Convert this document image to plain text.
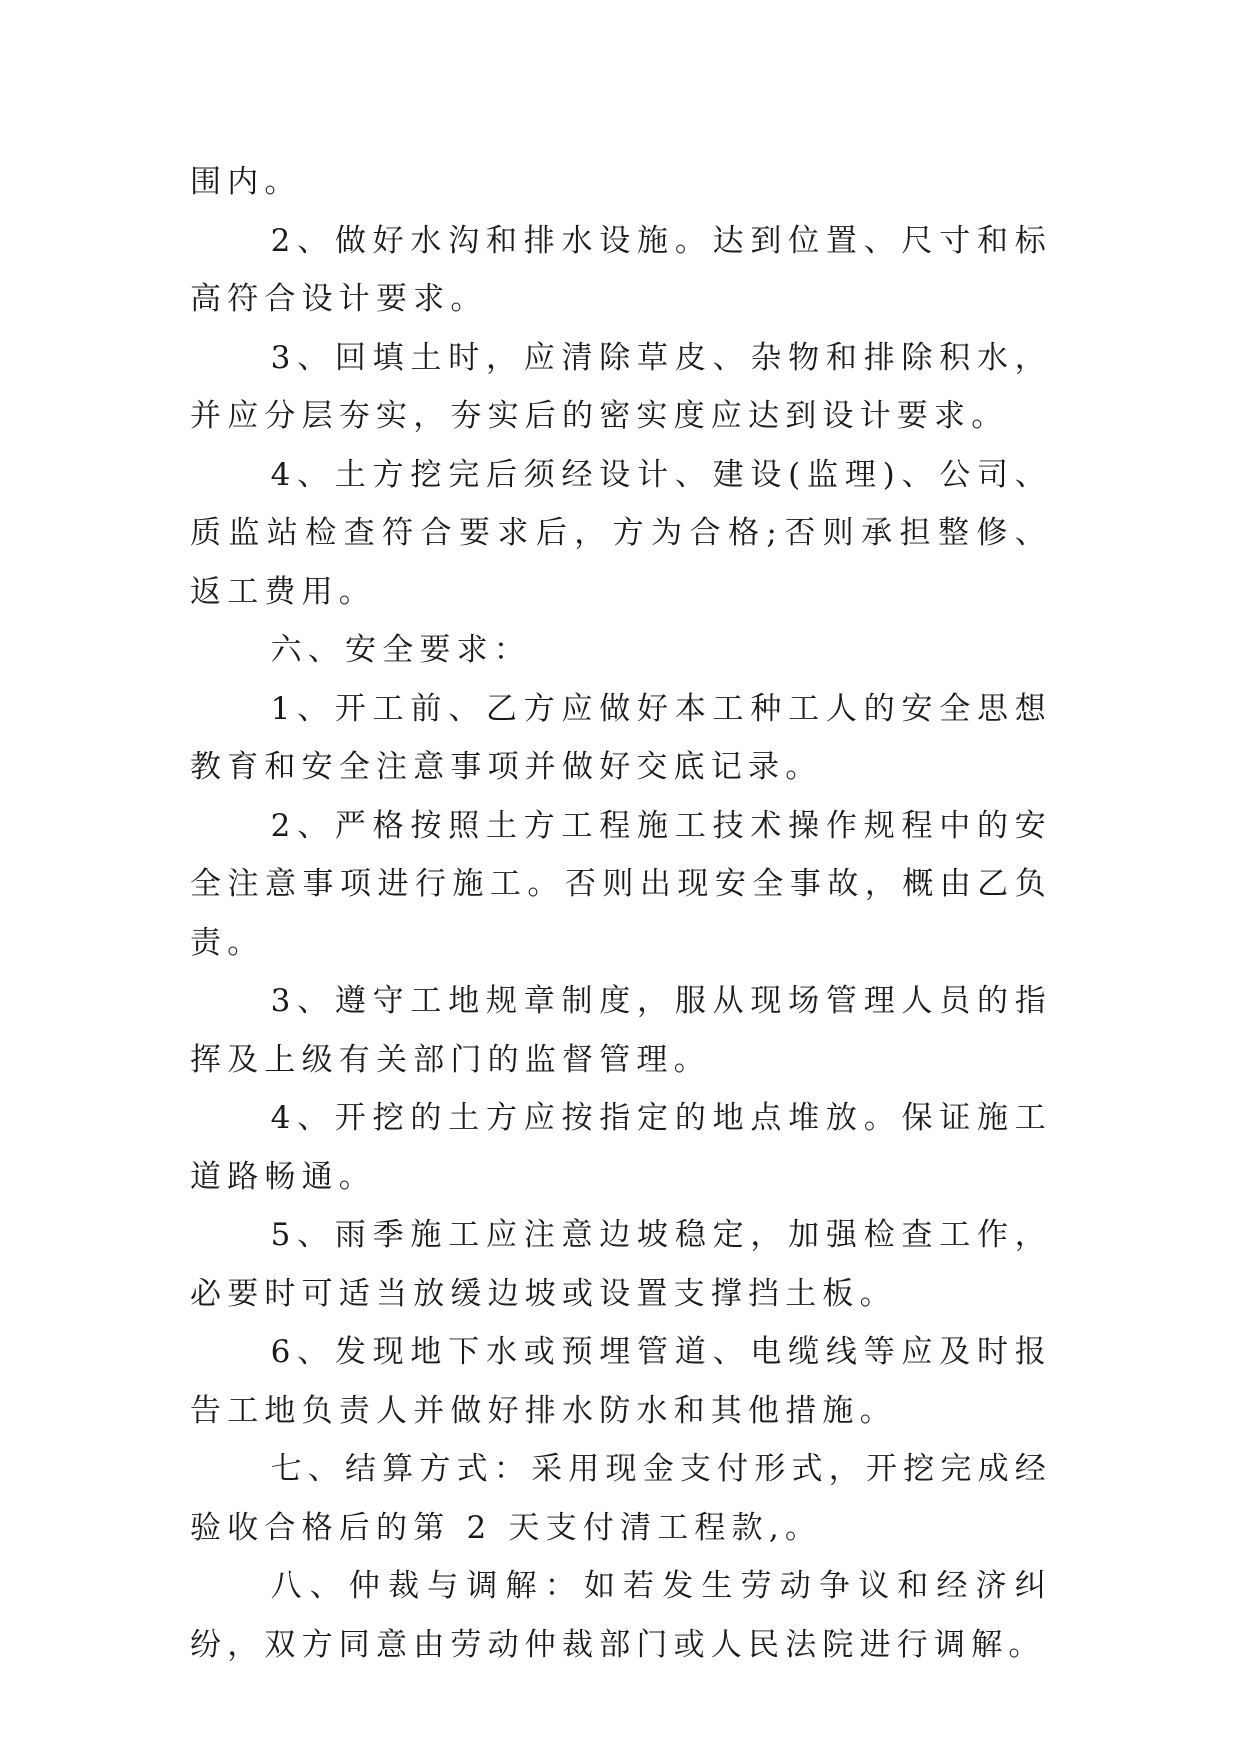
围内。

2、做好水沟和排水设施。达到位置、尺寸和标高符合设计要求。

3、回填土时，应清除草皮、杂物和排除积水，并应分层夯实，夯实后的密实度应达到设计要求。

4、土方挖完后须经设计、建设(监理)、公司、质监站检查符合要求后，方为合格;否则承担整修、返工费用。

六、安全要求：

1、开工前、乙方应做好本工种工人的安全思想教育和安全注意事项并做好交底记录。

2、严格按照土方工程施工技术操作规程中的安全注意事项进行施工。否则出现安全事故，概由乙负责。

3、遵守工地规章制度，服从现场管理人员的指挥及上级有关部门的监督管理。

4、开挖的土方应按指定的地点堆放。保证施工道路畅通。

5、雨季施工应注意边坡稳定，加强检查工作，必要时可适当放缓边坡或设置支撑挡土板。

6、发现地下水或预埋管道、电缆线等应及时报告工地负责人并做好排水防水和其他措施。

七、结算方式：采用现金支付形式，开挖完成经验收合格后的第 2 天支付清工程款,。

八、仲裁与调解：如若发生劳动争议和经济纠纷，双方同意由劳动仲裁部门或人民法院进行调解。
